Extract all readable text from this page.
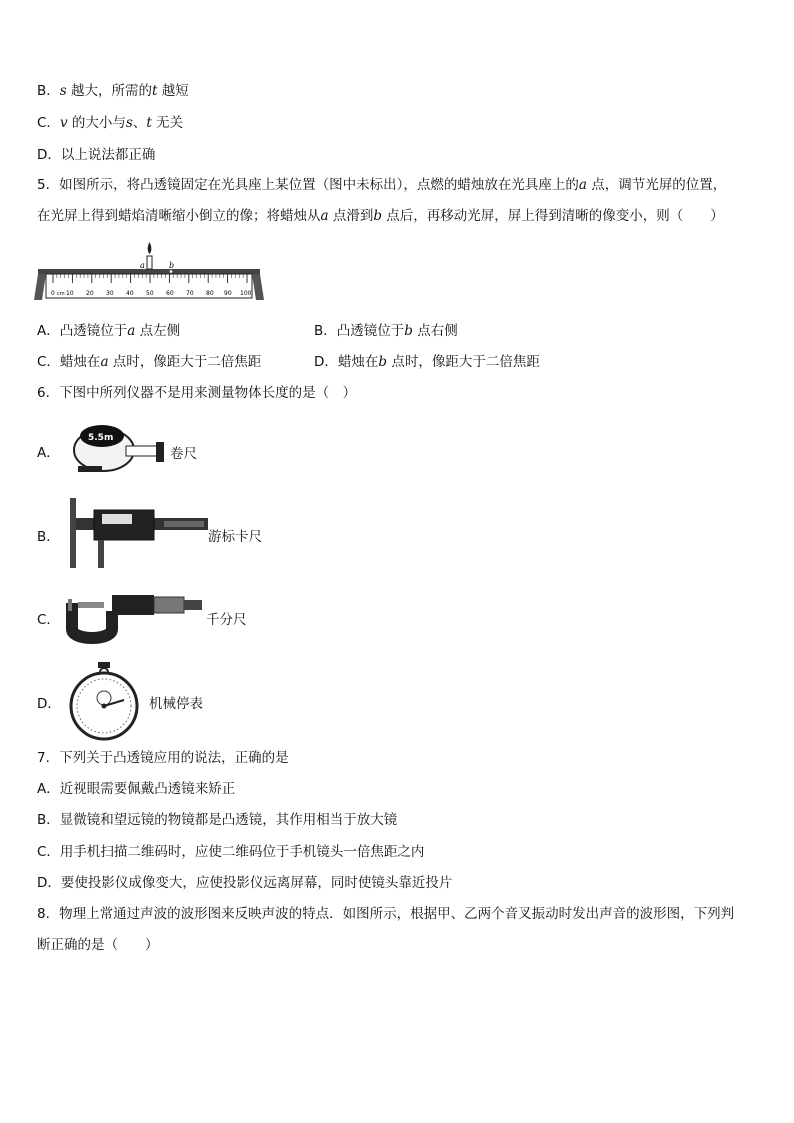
B．s 越大，所需的t 越短
C．v 的大小与s、t 无关
D．以上说法都正确
5．如图所示，将凸透镜固定在光具座上某位置（图中未标出），点燃的蜡烛放在光具座上的a 点，调节光屏的位置，
在光屏上得到蜡焰清晰缩小倒立的像；将蜡烛从a 点滑到b 点后，再移动光屏，屏上得到清晰的像变小，则（　　）
0 cm 10 20 30 40 50 60 70 80 90 100
a	b
A．凸透镜位于a 点左侧	B．凸透镜位于b 点右侧
C．蜡烛在a 点时，像距大于二倍焦距	D．蜡烛在b 点时，像距大于二倍焦距
6．下图中所列仪器不是用来测量物体长度的是（　）
A．
5.5m
卷尺
B．	游标卡尺
C．	千分尺
D．	机械停表
7．下列关于凸透镜应用的说法，正确的是
A．近视眼需要佩戴凸透镜来矫正
B．显微镜和望远镜的物镜都是凸透镜，其作用相当于放大镜
C．用手机扫描二维码时，应使二维码位于手机镜头一倍焦距之内
D．要使投影仪成像变大，应使投影仪远离屏幕，同时使镜头靠近投片
8．物理上常通过声波的波形图来反映声波的特点．如图所示，根据甲、乙两个音叉振动时发出声音的波形图，下列判
断正确的是（　　）
